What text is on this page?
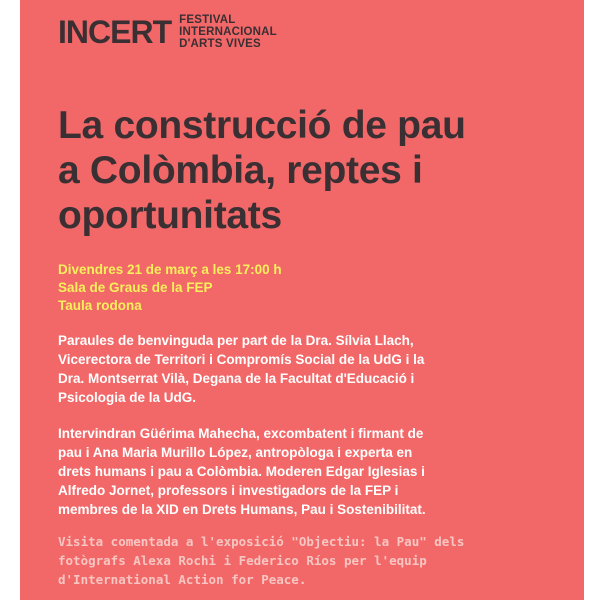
INCERT FESTIVAL
INTERNACIONAL
D'ARTS VIVES
La construcció de pau
a Colòmbia, reptes i
oportunitats
Divendres 21 de març a les 17:00 h
Sala de Graus de la FEP
Taula rodona

Paraules de benvinguda per part de la Dra. Sílvia Llach,
Vicerectora de Territori i Compromís Social de la UdG i la
Dra. Montserrat Vilà, Degana de la Facultat d'Educació i
Psicologia de la UdG.

Intervindran Güérima Mahecha, excombatent i firmant de
pau i Ana Maria Murillo López, antropòloga i experta en
drets humans i pau a Colòmbia. Moderen Edgar Iglesias i
Alfredo Jornet, professors i investigadors de la FEP i
membres de la XID en Drets Humans, Pau i Sostenibilitat.

Visita comentada a l'exposició "Objectiu: la Pau" dels
fotògrafs Alexa Rochi i Federico Ríos per l'equip
d'International Action for Peace.
